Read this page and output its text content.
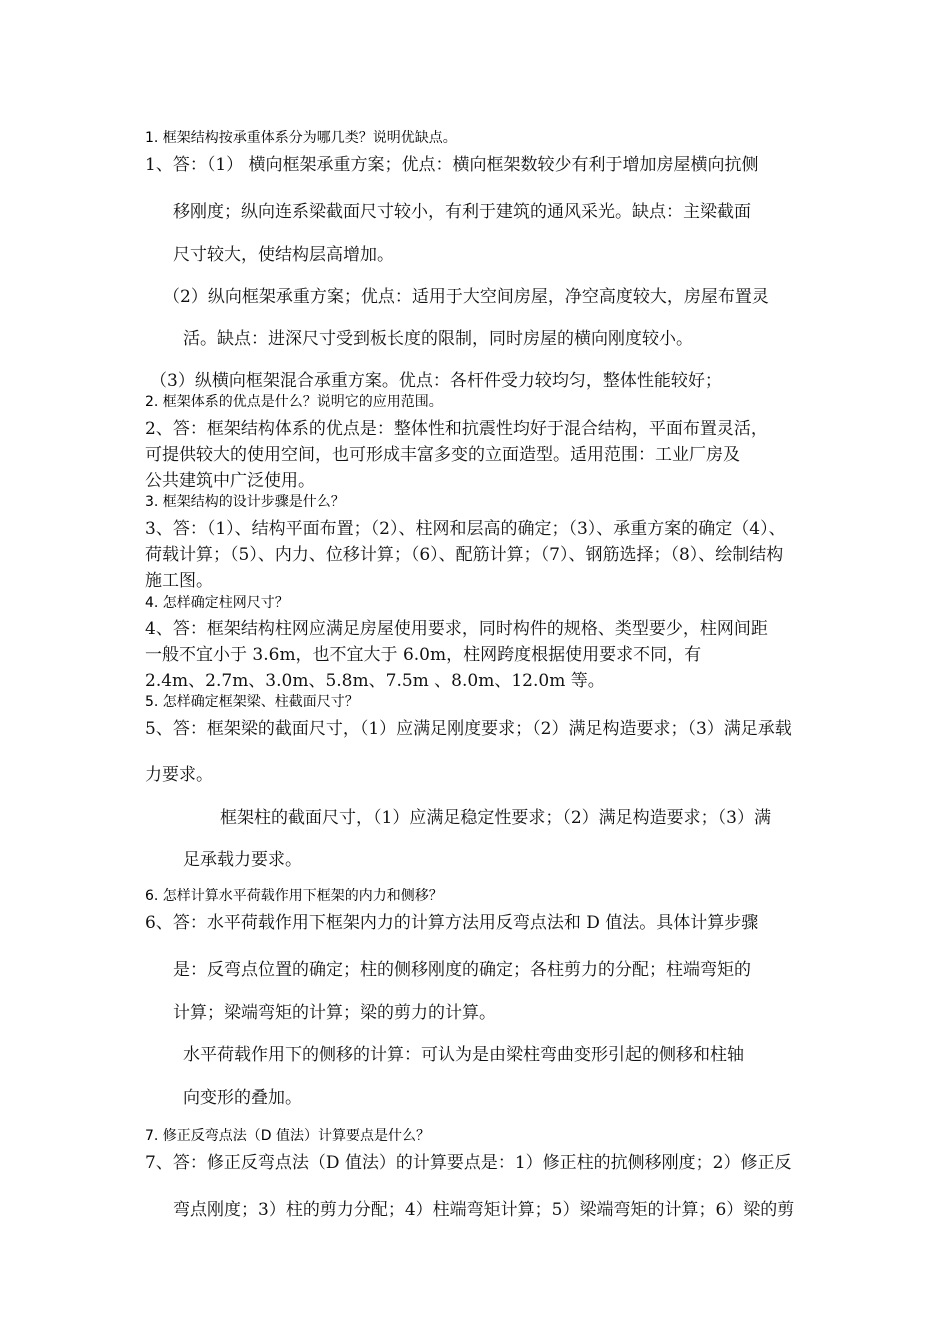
1. 框架结构按承重体系分为哪几类？说明优缺点。
1、答：（1） 横向框架承重方案；优点：横向框架数较少有利于增加房屋横向抗侧
移刚度；纵向连系梁截面尺寸较小，有利于建筑的通风采光。缺点：主梁截面
尺寸较大，使结构层高增加。
（2）纵向框架承重方案；优点：适用于大空间房屋，净空高度较大，房屋布置灵
活。缺点：进深尺寸受到板长度的限制，同时房屋的横向刚度较小。
（3）纵横向框架混合承重方案。优点：各杆件受力较均匀，整体性能较好；
2. 框架体系的优点是什么？说明它的应用范围。
2、答：框架结构体系的优点是：整体性和抗震性均好于混合结构，平面布置灵活，
可提供较大的使用空间，也可形成丰富多变的立面造型。适用范围：工业厂房及
公共建筑中广泛使用。
3. 框架结构的设计步骤是什么？
3、答：（1）、结构平面布置；（2）、柱网和层高的确定；（3）、承重方案的确定（4）、
荷载计算；（5）、内力、位移计算；（6）、配筋计算；（7）、钢筋选择；（8）、绘制结构
施工图。
4. 怎样确定柱网尺寸？
4、答：框架结构柱网应满足房屋使用要求，同时构件的规格、类型要少，柱网间距
一般不宜小于 3.6m，也不宜大于 6.0m，柱网跨度根据使用要求不同，有
2.4m、2.7m、3.0m、5.8m、7.5m 、8.0m、12.0m 等。
5. 怎样确定框架梁、柱截面尺寸？
5、答：框架梁的截面尺寸，（1）应满足刚度要求；（2）满足构造要求；（3）满足承载
力要求。
框架柱的截面尺寸，（1）应满足稳定性要求；（2）满足构造要求；（3）满
足承载力要求。
6. 怎样计算水平荷载作用下框架的内力和侧移？
6、答：水平荷载作用下框架内力的计算方法用反弯点法和 D 值法。具体计算步骤
是：反弯点位置的确定；柱的侧移刚度的确定；各柱剪力的分配；柱端弯矩的
计算；梁端弯矩的计算；梁的剪力的计算。
水平荷载作用下的侧移的计算：可认为是由梁柱弯曲变形引起的侧移和柱轴
向变形的叠加。
7. 修正反弯点法（D 值法）计算要点是什么？
7、答：修正反弯点法（D 值法）的计算要点是：1）修正柱的抗侧移刚度；2）修正反
弯点刚度；3）柱的剪力分配；4）柱端弯矩计算；5）梁端弯矩的计算；6）梁的剪
